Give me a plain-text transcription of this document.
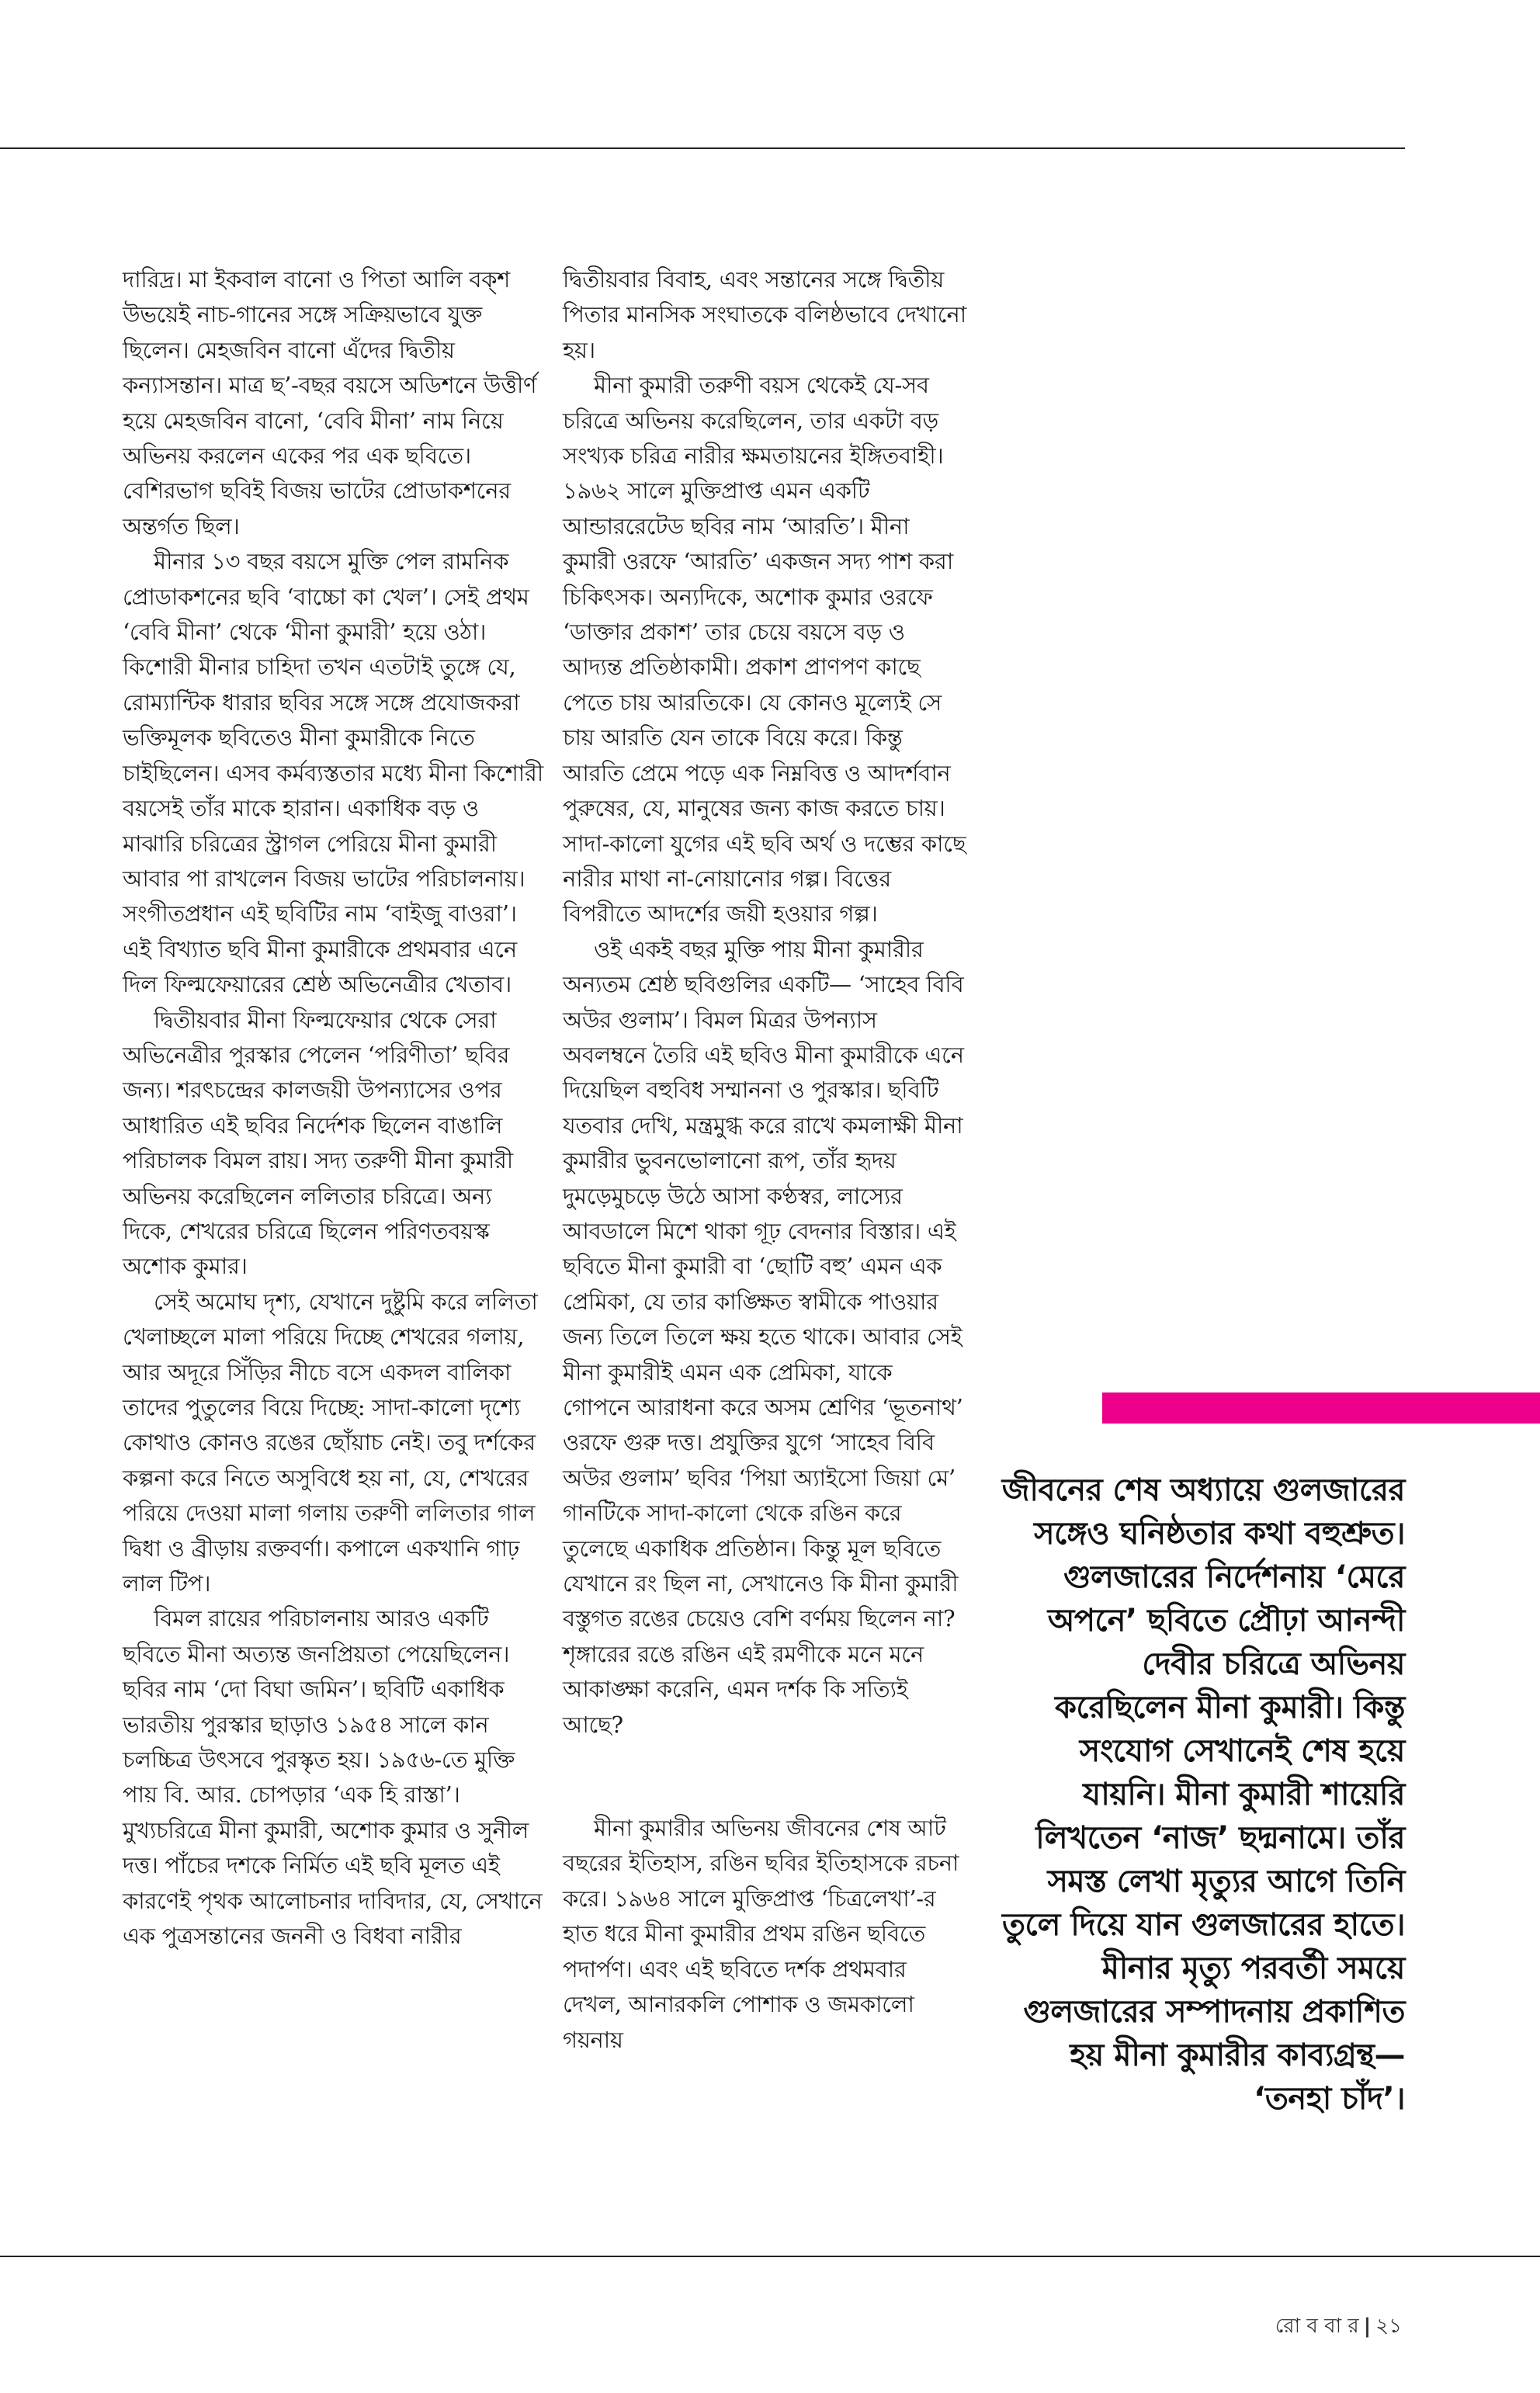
দারিদ্র। মা ইকবাল বানো ও পিতা আলি বক্শ উভয়েই নাচ-গানের সঙ্গে সক্রিয়ভাবে যুক্ত ছিলেন। মেহজবিন বানো এঁদের দ্বিতীয় কন্যাসন্তান। মাত্র ছ’-বছর বয়সে অডিশনে উত্তীর্ণ হয়ে মেহজবিন বানো, ‘বেবি মীনা’ নাম নিয়ে অভিনয় করলেন একের পর এক ছবিতে। বেশিরভাগ ছবিই বিজয় ভাটের প্রোডাকশনের অন্তর্গত ছিল।

মীনার ১৩ বছর বয়সে মুক্তি পেল রামনিক প্রোডাকশনের ছবি ‘বাচ্চো কা খেল’। সেই প্রথম ‘বেবি মীনা’ থেকে ‘মীনা কুমারী’ হয়ে ওঠা। কিশোরী মীনার চাহিদা তখন এতটাই তুঙ্গে যে, রোম্যান্টিক ধারার ছবির সঙ্গে সঙ্গে প্রযোজকরা ভক্তিমূলক ছবিতেও মীনা কুমারীকে নিতে চাইছিলেন। এসব কর্মব্যস্ততার মধ্যে মীনা কিশোরী বয়সেই তাঁর মাকে হারান। একাধিক বড় ও মাঝারি চরিত্রের স্ট্রাগল পেরিয়ে মীনা কুমারী আবার পা রাখলেন বিজয় ভাটের পরিচালনায়। সংগীতপ্রধান এই ছবিটির নাম ‘বাইজু বাওরা’। এই বিখ্যাত ছবি মীনা কুমারীকে প্রথমবার এনে দিল ফিল্মফেয়ারের শ্রেষ্ঠ অভিনেত্রীর খেতাব।

দ্বিতীয়বার মীনা ফিল্মফেয়ার থেকে সেরা অভিনেত্রীর পুরস্কার পেলেন ‘পরিণীতা’ ছবির জন্য। শরৎচন্দ্রের কালজয়ী উপন্যাসের ওপর আধারিত এই ছবির নির্দেশক ছিলেন বাঙালি পরিচালক বিমল রায়। সদ্য তরুণী মীনা কুমারী অভিনয় করেছিলেন ললিতার চরিত্রে। অন্য দিকে, শেখরের চরিত্রে ছিলেন পরিণতবয়স্ক অশোক কুমার।

সেই অমোঘ দৃশ্য, যেখানে দুষ্টুমি করে ললিতা খেলাচ্ছলে মালা পরিয়ে দিচ্ছে শেখরের গলায়, আর অদূরে সিঁড়ির নীচে বসে একদল বালিকা তাদের পুতুলের বিয়ে দিচ্ছে: সাদা-কালো দৃশ্যে কোথাও কোনও রঙের ছোঁয়াচ নেই। তবু দর্শকের কল্পনা করে নিতে অসুবিধে হয় না, যে, শেখরের পরিয়ে দেওয়া মালা গলায় তরুণী ললিতার গাল দ্বিধা ও ব্রীড়ায় রক্তবর্ণা। কপালে একখানি গাঢ় লাল টিপ।

বিমল রায়ের পরিচালনায় আরও একটি ছবিতে মীনা অত্যন্ত জনপ্রিয়তা পেয়েছিলেন। ছবির নাম ‘দো বিঘা জমিন’। ছবিটি একাধিক ভারতীয় পুরস্কার ছাড়াও ১৯৫৪ সালে কান চলচ্চিত্র উৎসবে পুরস্কৃত হয়। ১৯৫৬-তে মুক্তি পায় বি. আর. চোপড়ার ‘এক হি রাস্তা’। মুখ্যচরিত্রে মীনা কুমারী, অশোক কুমার ও সুনীল দত্ত। পাঁচের দশকে নির্মিত এই ছবি মূলত এই কারণেই পৃথক আলোচনার দাবিদার, যে, সেখানে এক পুত্রসন্তানের জননী ও বিধবা নারীর

দ্বিতীয়বার বিবাহ, এবং সন্তানের সঙ্গে দ্বিতীয় পিতার মানসিক সংঘাতকে বলিষ্ঠভাবে দেখানো হয়।

মীনা কুমারী তরুণী বয়স থেকেই যে-সব চরিত্রে অভিনয় করেছিলেন, তার একটা বড় সংখ্যক চরিত্র নারীর ক্ষমতায়নের ইঙ্গিতবাহী। ১৯৬২ সালে মুক্তিপ্রাপ্ত এমন একটি আন্ডাররেটেড ছবির নাম ‘আরতি’। মীনা কুমারী ওরফে ‘আরতি’ একজন সদ্য পাশ করা চিকিৎসক। অন্যদিকে, অশোক কুমার ওরফে ‘ডাক্তার প্রকাশ’ তার চেয়ে বয়সে বড় ও আদ্যন্ত প্রতিষ্ঠাকামী। প্রকাশ প্রাণপণ কাছে পেতে চায় আরতিকে। যে কোনও মূল্যেই সে চায় আরতি যেন তাকে বিয়ে করে। কিন্তু আরতি প্রেমে পড়ে এক নিম্নবিত্ত ও আদর্শবান পুরুষের, যে, মানুষের জন্য কাজ করতে চায়। সাদা-কালো যুগের এই ছবি অর্থ ও দম্ভের কাছে নারীর মাথা না-নোয়ানোর গল্প। বিত্তের বিপরীতে আদর্শের জয়ী হওয়ার গল্প।

ওই একই বছর মুক্তি পায় মীনা কুমারীর অন্যতম শ্রেষ্ঠ ছবিগুলির একটি— ‘সাহেব বিবি অউর গুলাম’। বিমল মিত্রর উপন্যাস অবলম্বনে তৈরি এই ছবিও মীনা কুমারীকে এনে দিয়েছিল বহুবিধ সম্মাননা ও পুরস্কার। ছবিটি যতবার দেখি, মন্ত্রমুগ্ধ করে রাখে কমলাক্ষী মীনা কুমারীর ভুবনভোলানো রূপ, তাঁর হৃদয় দুমড়েমুচড়ে উঠে আসা কণ্ঠস্বর, লাস্যের আবডালে মিশে থাকা গূঢ় বেদনার বিস্তার। এই ছবিতে মীনা কুমারী বা ‘ছোটি বহু’ এমন এক প্রেমিকা, যে তার কাঙ্ক্ষিত স্বামীকে পাওয়ার জন্য তিলে তিলে ক্ষয় হতে থাকে। আবার সেই মীনা কুমারীই এমন এক প্রেমিকা, যাকে গোপনে আরাধনা করে অসম শ্রেণির ‘ভূতনাথ’ ওরফে গুরু দত্ত। প্রযুক্তির যুগে ‘সাহেব বিবি অউর গুলাম’ ছবির ‘পিয়া অ্যাইসো জিয়া মে’ গানটিকে সাদা-কালো থেকে রঙিন করে তুলেছে একাধিক প্রতিষ্ঠান। কিন্তু মূল ছবিতে যেখানে রং ছিল না, সেখানেও কি মীনা কুমারী বস্তুগত রঙের চেয়েও বেশি বর্ণময় ছিলেন না? শৃঙ্গারের রঙে রঙিন এই রমণীকে মনে মনে আকাঙ্ক্ষা করেনি, এমন দর্শক কি সত্যিই আছে?

মীনা কুমারীর অভিনয় জীবনের শেষ আট বছরের ইতিহাস, রঙিন ছবির ইতিহাসকে রচনা করে। ১৯৬৪ সালে মুক্তিপ্রাপ্ত ‘চিত্রলেখা’-র হাত ধরে মীনা কুমারীর প্রথম রঙিন ছবিতে পদার্পণ। এবং এই ছবিতে দর্শক প্রথমবার দেখল, আনারকলি পোশাক ও জমকালো গয়নায়

জীবনের শেষ অধ্যায়ে গুলজারের সঙ্গেও ঘনিষ্ঠতার কথা বহুশ্রুত। গুলজারের নির্দেশনায় ‘মেরে অপনে’ ছবিতে প্রৌঢ়া আনন্দী দেবীর চরিত্রে অভিনয় করেছিলেন মীনা কুমারী। কিন্তু সংযোগ সেখানেই শেষ হয়ে যায়নি। মীনা কুমারী শায়েরি লিখতেন ‘নাজ’ ছদ্মনামে। তাঁর সমস্ত লেখা মৃত্যুর আগে তিনি তুলে দিয়ে যান গুলজারের হাতে। মীনার মৃত্যু পরবর্তী সময়ে গুলজারের সম্পাদনায় প্রকাশিত হয় মীনা কুমারীর কাব্যগ্রন্থ— ‘তনহা চাঁদ’।
রো ব বা র | ২১
